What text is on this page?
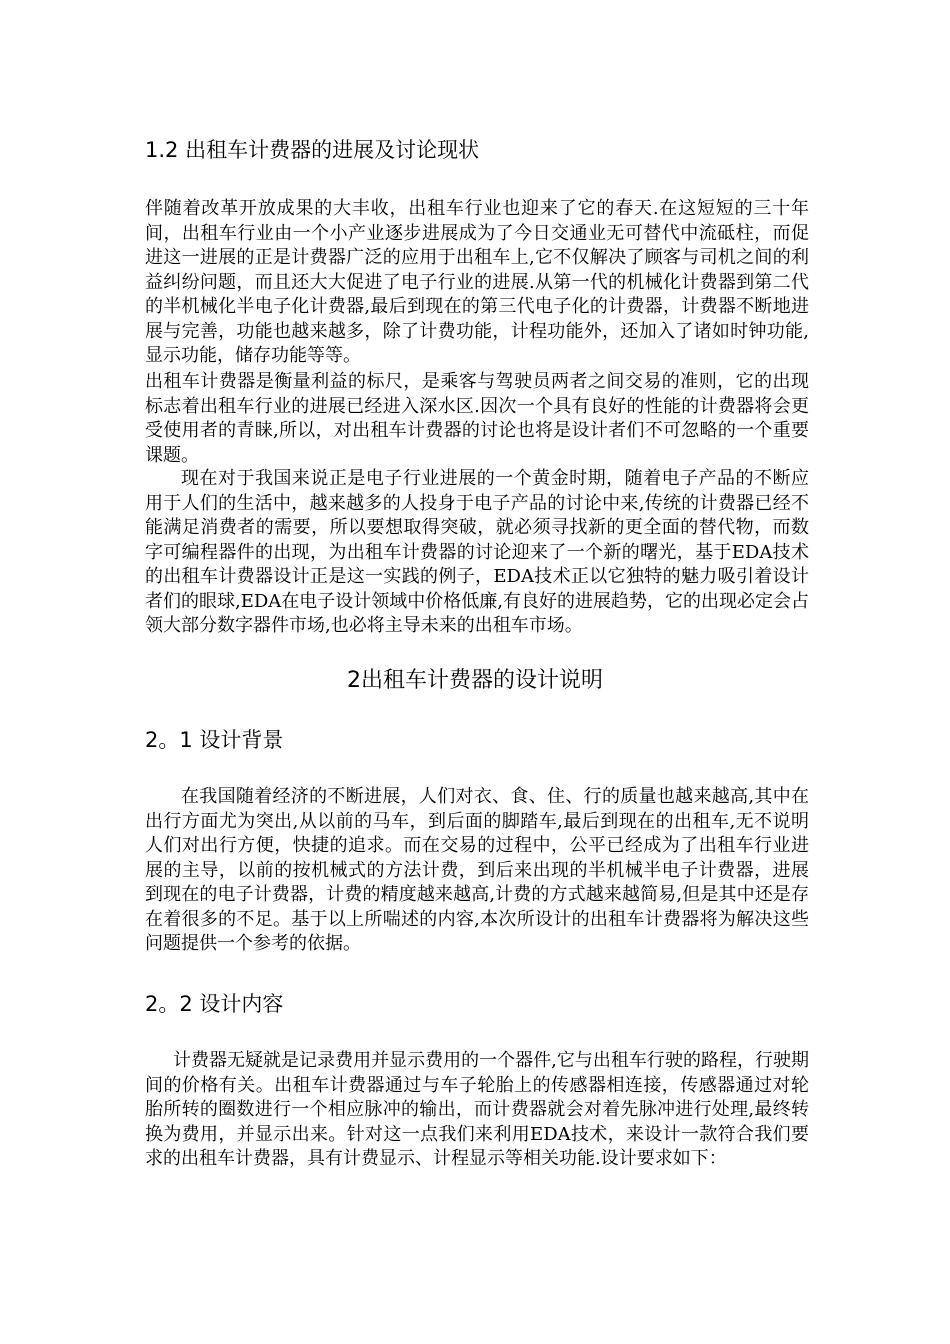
1.2 出租车计费器的进展及讨论现状

伴随着改革开放成果的大丰收，出租车行业也迎来了它的春天.在这短短的三十年间，出租车行业由一个小产业逐步进展成为了今日交通业无可替代中流砥柱，而促进这一进展的正是计费器广泛的应用于出租车上,它不仅解决了顾客与司机之间的利益纠纷问题，而且还大大促进了电子行业的进展.从第一代的机械化计费器到第二代的半机械化半电子化计费器,最后到现在的第三代电子化的计费器，计费器不断地进展与完善，功能也越来越多，除了计费功能，计程功能外，还加入了诸如时钟功能,显示功能，储存功能等等。

出租车计费器是衡量利益的标尺，是乘客与驾驶员两者之间交易的准则，它的出现标志着出租车行业的进展已经进入深水区.因次一个具有良好的性能的计费器将会更受使用者的青睐,所以，对出租车计费器的讨论也将是设计者们不可忽略的一个重要课题。

现在对于我国来说正是电子行业进展的一个黄金时期，随着电子产品的不断应用于人们的生活中，越来越多的人投身于电子产品的讨论中来,传统的计费器已经不能满足消费者的需要，所以要想取得突破，就必须寻找新的更全面的替代物，而数字可编程器件的出现，为出租车计费器的讨论迎来了一个新的曙光，基于EDA技术的出租车计费器设计正是这一实践的例子，EDA技术正以它独特的魅力吸引着设计者们的眼球,EDA在电子设计领域中价格低廉,有良好的进展趋势，它的出现必定会占领大部分数字器件市场,也必将主导未来的出租车市场。

2出租车计费器的设计说明
2。1 设计背景

在我国随着经济的不断进展，人们对衣、食、住、行的质量也越来越高,其中在出行方面尤为突出,从以前的马车，到后面的脚踏车,最后到现在的出租车,无不说明人们对出行方便，快捷的追求。而在交易的过程中，公平已经成为了出租车行业进展的主导，以前的按机械式的方法计费，到后来出现的半机械半电子计费器，进展到现在的电子计费器，计费的精度越来越高,计费的方式越来越简易,但是其中还是存在着很多的不足。基于以上所喘述的内容,本次所设计的出租车计费器将为解决这些问题提供一个参考的依据。

2。2 设计内容

计费器无疑就是记录费用并显示费用的一个器件,它与出租车行驶的路程，行驶期间的价格有关。出租车计费器通过与车子轮胎上的传感器相连接，传感器通过对轮胎所转的圈数进行一个相应脉冲的输出，而计费器就会对着先脉冲进行处理,最终转换为费用，并显示出来。针对这一点我们来利用EDA技术，来设计一款符合我们要求的出租车计费器，具有计费显示、计程显示等相关功能.设计要求如下：
